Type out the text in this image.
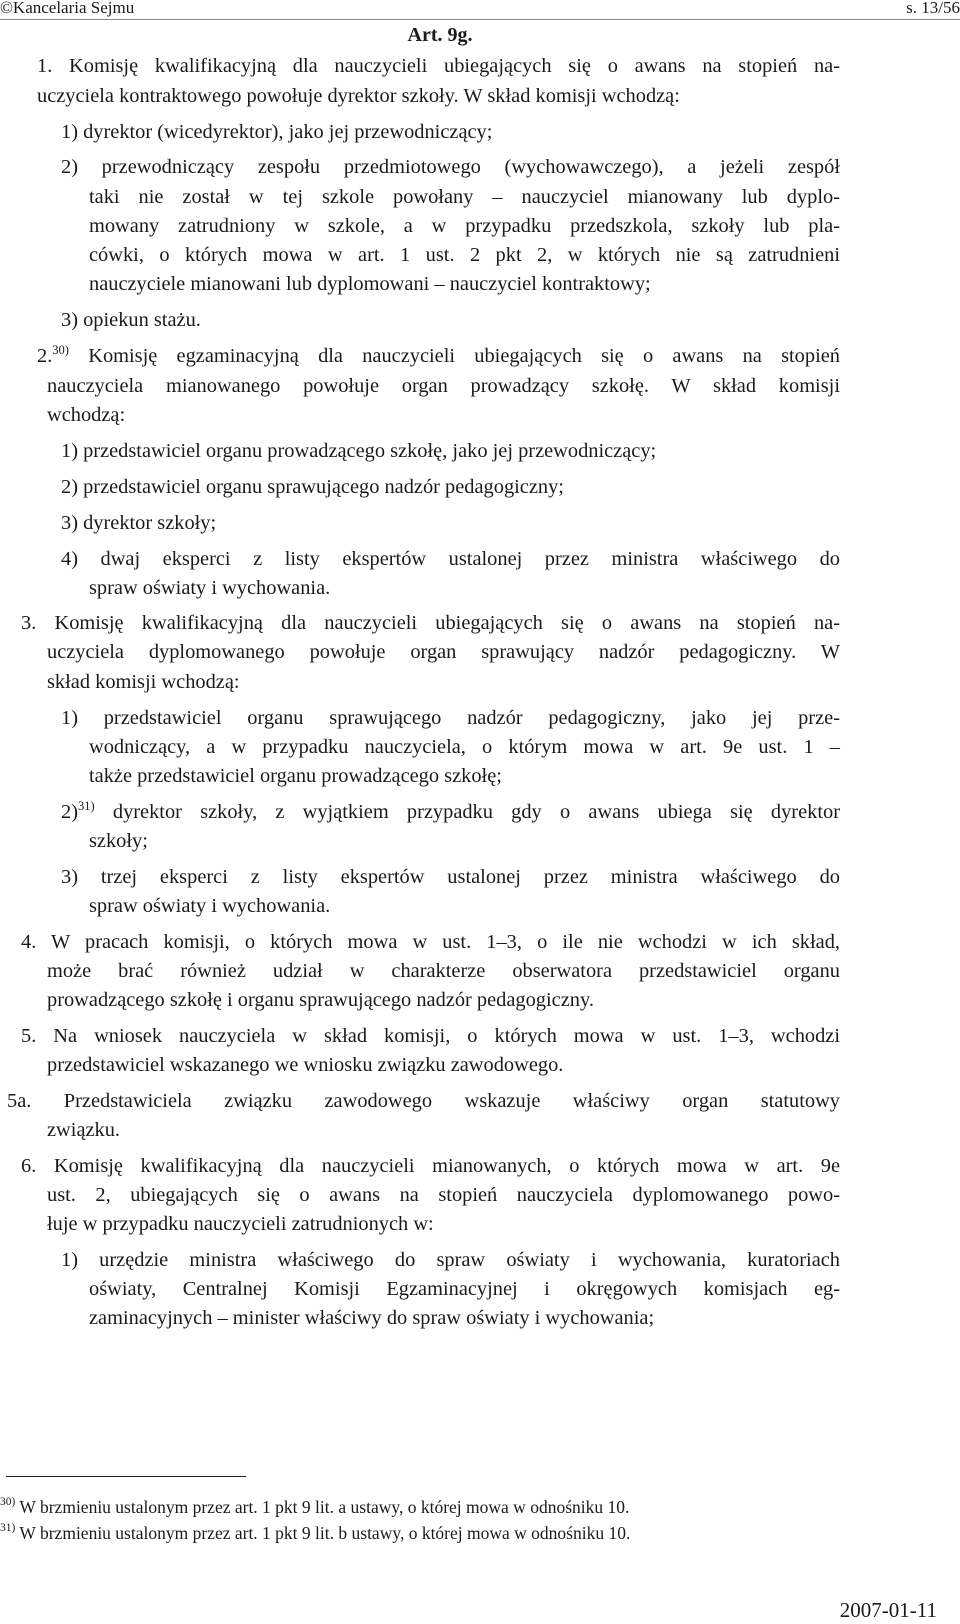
©Kancelaria Sejmu	s. 13/56
Art. 9g.
1. Komisję kwalifikacyjną dla nauczycieli ubiegających się o awans na stopień na-
uczyciela kontraktowego powołuje dyrektor szkoły. W skład komisji wchodzą:
1) dyrektor (wicedyrektor), jako jej przewodniczący;
2) przewodniczący zespołu przedmiotowego (wychowawczego), a jeżeli zespół
taki nie został w tej szkole powołany – nauczyciel mianowany lub dyplo-
mowany zatrudniony w szkole, a w przypadku przedszkola, szkoły lub pla-
cówki, o których mowa w art. 1 ust. 2 pkt 2, w których nie są zatrudnieni
nauczyciele mianowani lub dyplomowani – nauczyciel kontraktowy;
3) opiekun stażu.
2.$^{30)}$ Komisję egzaminacyjną dla nauczycieli ubiegających się o awans na stopień
nauczyciela mianowanego powołuje organ prowadzący szkołę. W skład komisji
wchodzą:
1) przedstawiciel organu prowadzącego szkołę, jako jej przewodniczący;
2) przedstawiciel organu sprawującego nadzór pedagogiczny;
3) dyrektor szkoły;
4) dwaj eksperci z listy ekspertów ustalonej przez ministra właściwego do
spraw oświaty i wychowania.
3. Komisję kwalifikacyjną dla nauczycieli ubiegających się o awans na stopień na-
uczyciela dyplomowanego powołuje organ sprawujący nadzór pedagogiczny. W
skład komisji wchodzą:
1) przedstawiciel organu sprawującego nadzór pedagogiczny, jako jej prze-
wodniczący, a w przypadku nauczyciela, o którym mowa w art. 9e ust. 1 –
także przedstawiciel organu prowadzącego szkołę;
2)$^{31)}$ dyrektor szkoły, z wyjątkiem przypadku gdy o awans ubiega się dyrektor
szkoły;
3) trzej eksperci z listy ekspertów ustalonej przez ministra właściwego do
spraw oświaty i wychowania.
4. W pracach komisji, o których mowa w ust. 1–3, o ile nie wchodzi w ich skład,
może brać również udział w charakterze obserwatora przedstawiciel organu
prowadzącego szkołę i organu sprawującego nadzór pedagogiczny.
5. Na wniosek nauczyciela w skład komisji, o których mowa w ust. 1–3, wchodzi
przedstawiciel wskazanego we wniosku związku zawodowego.
5a. Przedstawiciela związku zawodowego wskazuje właściwy organ statutowy
związku.
6. Komisję kwalifikacyjną dla nauczycieli mianowanych, o których mowa w art. 9e
ust. 2, ubiegających się o awans na stopień nauczyciela dyplomowanego powo-
łuje w przypadku nauczycieli zatrudnionych w:
1) urzędzie ministra właściwego do spraw oświaty i wychowania, kuratoriach
oświaty, Centralnej Komisji Egzaminacyjnej i okręgowych komisjach eg-
zaminacyjnych – minister właściwy do spraw oświaty i wychowania;
$^{30)}$ W brzmieniu ustalonym przez art. 1 pkt 9 lit. a ustawy, o której mowa w odnośniku 10.
$^{31)}$ W brzmieniu ustalonym przez art. 1 pkt 9 lit. b ustawy, o której mowa w odnośniku 10.
2007-01-11
